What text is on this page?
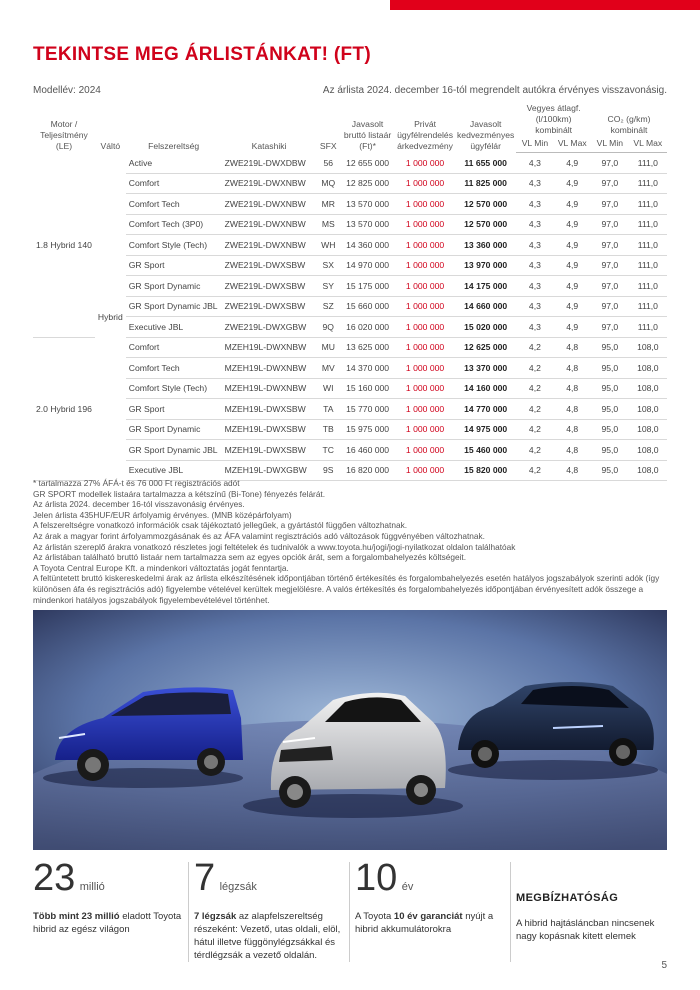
TEKINTSE MEG ÁRLISTÁNKAT! (FT)
Modellév: 2024	Az árlista 2024. december 16-tól megrendelt autókra érvényes visszavonásig.
Motor / Teljesítmény (LE)	Váltó	Felszereltség	Katashiki	SFX	Javasolt bruttó listaár (Ft)*	Privát ügyfélrendelés árkedvezmény	Javasolt kedvezményes ügyfélár	Vegyes átlagf. (l/100km) kombinált		CO₂ (g/km) kombinált	
								VL Min	VL Max	VL Min	VL Max
1.8 Hybrid 140	Hybrid	Active	ZWE219L-DWXDBW	56	12 655 000	1 000 000	11 655 000	4,3	4,9	97,0	111,0
		Comfort	ZWE219L-DWXNBW	MQ	12 825 000	1 000 000	11 825 000	4,3	4,9	97,0	111,0
		Comfort Tech	ZWE219L-DWXNBW	MR	13 570 000	1 000 000	12 570 000	4,3	4,9	97,0	111,0
		Comfort Tech (3P0)	ZWE219L-DWXNBW	MS	13 570 000	1 000 000	12 570 000	4,3	4,9	97,0	111,0
		Comfort Style (Tech)	ZWE219L-DWXNBW	WH	14 360 000	1 000 000	13 360 000	4,3	4,9	97,0	111,0
		GR Sport	ZWE219L-DWXSBW	SX	14 970 000	1 000 000	13 970 000	4,3	4,9	97,0	111,0
		GR Sport Dynamic	ZWE219L-DWXSBW	SY	15 175 000	1 000 000	14 175 000	4,3	4,9	97,0	111,0
		GR Sport Dynamic JBL	ZWE219L-DWXSBW	SZ	15 660 000	1 000 000	14 660 000	4,3	4,9	97,0	111,0
		Executive JBL	ZWE219L-DWXGBW	9Q	16 020 000	1 000 000	15 020 000	4,3	4,9	97,0	111,0
2.0 Hybrid 196		Comfort	MZEH19L-DWXNBW	MU	13 625 000	1 000 000	12 625 000	4,2	4,8	95,0	108,0
		Comfort Tech	MZEH19L-DWXNBW	MV	14 370 000	1 000 000	13 370 000	4,2	4,8	95,0	108,0
		Comfort Style (Tech)	MZEH19L-DWXNBW	WI	15 160 000	1 000 000	14 160 000	4,2	4,8	95,0	108,0
		GR Sport	MZEH19L-DWXSBW	TA	15 770 000	1 000 000	14 770 000	4,2	4,8	95,0	108,0
		GR Sport Dynamic	MZEH19L-DWXSBW	TB	15 975 000	1 000 000	14 975 000	4,2	4,8	95,0	108,0
		GR Sport Dynamic JBL	MZEH19L-DWXSBW	TC	16 460 000	1 000 000	15 460 000	4,2	4,8	95,0	108,0
		Executive JBL	MZEH19L-DWXGBW	9S	16 820 000	1 000 000	15 820 000	4,2	4,8	95,0	108,0
* tartalmazza 27% ÁFÁ-t és 76 000 Ft regisztrációs adót
GR SPORT modellek listaára tartalmazza a kétszínű (Bi-Tone) fényezés felárát.
Az árlista 2024. december 16-tól visszavonásig érvényes.
Jelen árlista 435HUF/EUR árfolyamig érvényes. (MNB középárfolyam)
A felszereltségre vonatkozó információk csak tájékoztató jellegűek, a gyártástól függően változhatnak.
Az árak a magyar forint árfolyammozgásának és az ÁFA valamint regisztrációs adó változások függvényében változhatnak.
Az árlistán szereplő árakra vonatkozó részletes jogi feltételek és tudnivalók a www.toyota.hu/jogi/jogi-nyilatkozat oldalon találhatóak
Az árlistában található bruttó listaár nem tartalmazza sem az egyes opciók árát, sem a forgalombahelyezés költségeit.
A Toyota Central Europe Kft. a mindenkori változtatás jogát fenntartja.
A feltüntetett bruttó kiskereskedelmi árak az árlista elkészítésének időpontjában történő értékesítés és forgalombahelyezés esetén hatályos jogszabályok szerinti adók (így különösen áfa és regisztrációs adó) figyelembe vételével kerültek megjelölésre. A valós értékesítés és forgalombahelyezés időpontjában érvényesített adók összege a mindenkori hatályos jogszabályok figyelembevételével történhet.
23 millió
Több mint 23 millió eladott Toyota hibrid az egész világon
7 légzsák
7 légzsák az alapfelszereltség részeként: Vezető, utas oldali, elöl, hátul illetve függönylégzsákkal és térdlégzsák a vezető oldalán.
10 év
A Toyota 10 év garanciát nyújt a hibrid akkumulátorokra
MEGBÍZHATÓSÁG
A hibrid hajtásláncban nincsenek nagy kopásnak kitett elemek
5
